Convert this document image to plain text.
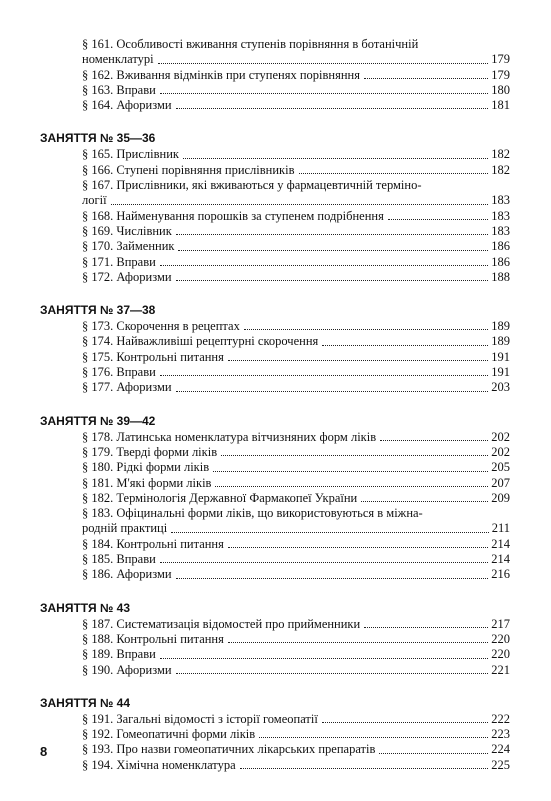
§ 161. Особливості вживання ступенів порівняння в ботанічній
номенклатурі	179
§ 162. Вживання відмінків при ступенях порівняння	179
§ 163. Вправи	180
§ 164. Афоризми	181
ЗАНЯТТЯ № 35—36
§ 165. Прислівник	182
§ 166. Ступені порівняння прислівників	182
§ 167. Прислівники, які вживаються у фармацевтичній терміно-
логії	183
§ 168. Найменування порошків за ступенем подрібнення	183
§ 169. Числівник	183
§ 170. Займенник	186
§ 171. Вправи	186
§ 172. Афоризми	188
ЗАНЯТТЯ № 37—38
§ 173. Скорочення в рецептах	189
§ 174. Найважливіші рецептурні скорочення	189
§ 175. Контрольні питання	191
§ 176. Вправи	191
§ 177. Афоризми	203
ЗАНЯТТЯ № 39—42
§ 178. Латинська номенклатура вітчизняних форм ліків	202
§ 179. Тверді форми ліків	202
§ 180. Рідкі форми ліків	205
§ 181. М'які форми ліків	207
§ 182. Термінологія Державної Фармакопеї України	209
§ 183. Офіцинальні форми ліків, що використовуються в міжна-
родній практиці	211
§ 184. Контрольні питання	214
§ 185. Вправи	214
§ 186. Афоризми	216
ЗАНЯТТЯ № 43
§ 187. Систематизація відомостей про прийменники	217
§ 188. Контрольні питання	220
§ 189. Вправи	220
§ 190. Афоризми	221
ЗАНЯТТЯ № 44
§ 191. Загальні відомості з історії гомеопатії	222
§ 192. Гомеопатичні форми ліків	223
§ 193. Про назви гомеопатичних лікарських препаратів	224
§ 194. Хімічна номенклатура	225
8
